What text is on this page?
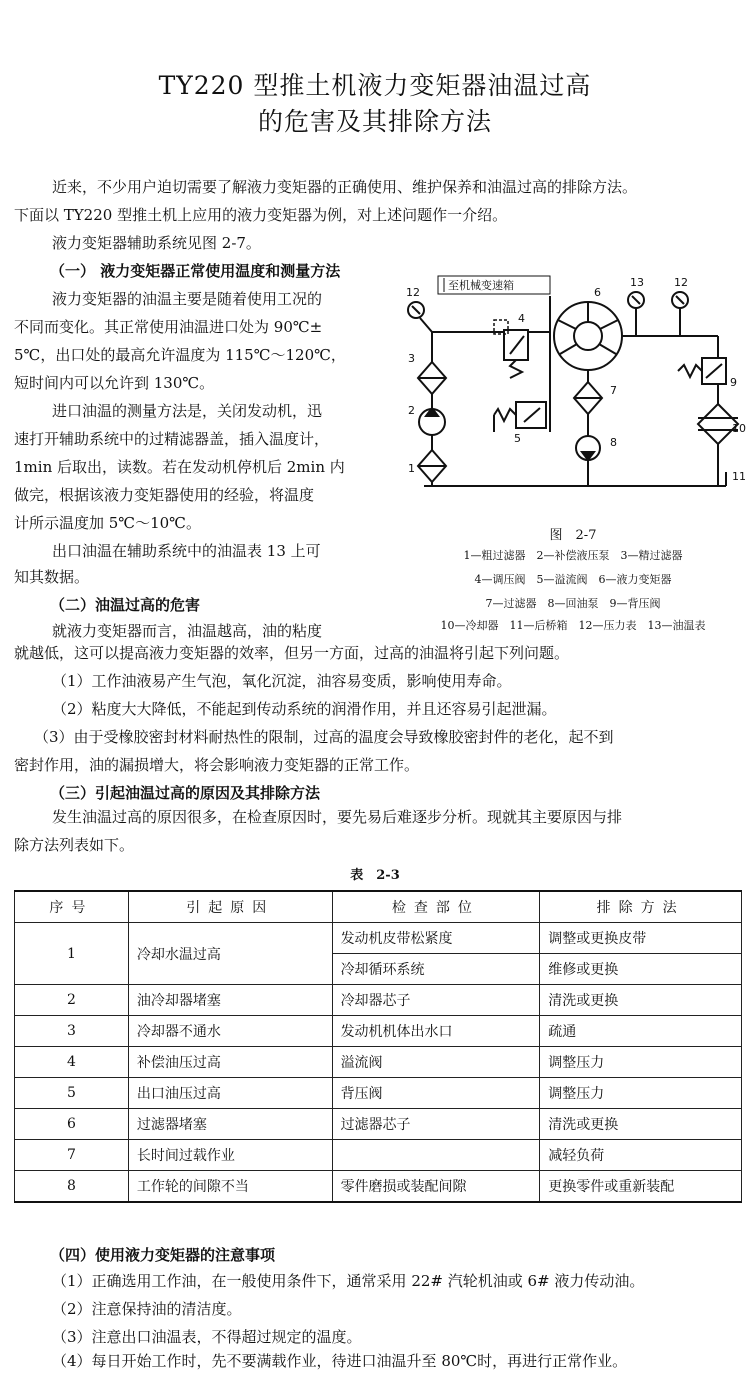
TY220 型推土机液力变矩器油温过高
的危害及其排除方法
近来，不少用户迫切需要了解液力变矩器的正确使用、维护保养和油温过高的排除方法。
下面以 TY220 型推土机上应用的液力变矩器为例，对上述问题作一介绍。
液力变矩器辅助系统见图 2-7。
（一） 液力变矩器正常使用温度和测量方法
液力变矩器的油温主要是随着使用工况的
不同而变化。其正常使用油温进口处为 90℃±
5℃，出口处的最高允许温度为 115℃～120℃，
短时间内可以允许到 130℃。
进口油温的测量方法是，关闭发动机，迅
速打开辅助系统中的过精滤器盖，插入温度计，
1min 后取出，读数。若在发动机停机后 2min 内
做完，根据该液力变矩器使用的经验，将温度
计所示温度加 5℃～10℃。
出口油温在辅助系统中的油温表 13 上可
知其数据。
至机械变速箱
12
3
2
1
4
5
6
7
8
13	12
9
10
11
图　2-7
1—粗过滤器　2—补偿液压泵　3—精过滤器
4—调压阀　5—溢流阀　6—液力变矩器
7—过滤器　8—回油泵　9—背压阀
10—冷却器　11—后桥箱　12—压力表　13—油温表
（二）油温过高的危害
就液力变矩器而言，油温越高，油的粘度
就越低，这可以提高液力变矩器的效率，但另一方面，过高的油温将引起下列问题。
（1）工作油液易产生气泡，氧化沉淀，油容易变质，影响使用寿命。
（2）粘度大大降低，不能起到传动系统的润滑作用，并且还容易引起泄漏。
（3）由于受橡胶密封材料耐热性的限制，过高的温度会导致橡胶密封件的老化，起不到
密封作用，油的漏损增大，将会影响液力变矩器的正常工作。
（三）引起油温过高的原因及其排除方法
发生油温过高的原因很多，在检查原因时，要先易后难逐步分析。现就其主要原因与排
除方法列表如下。
表　2-3
序号	引起原因	检查部位	排除方法
1	冷却水温过高	发动机皮带松紧度	调整或更换皮带
		冷却循环系统	维修或更换
2	油冷却器堵塞	冷却器芯子	清洗或更换
3	冷却器不通水	发动机机体出水口	疏通
4	补偿油压过高	溢流阀	调整压力
5	出口油压过高	背压阀	调整压力
6	过滤器堵塞	过滤器芯子	清洗或更换
7	长时间过载作业		减轻负荷
8	工作轮的间隙不当	零件磨损或装配间隙	更换零件或重新装配
（四）使用液力变矩器的注意事项
（1）正确选用工作油，在一般使用条件下，通常采用 22# 汽轮机油或 6# 液力传动油。
（2）注意保持油的清洁度。
（3）注意出口油温表，不得超过规定的温度。
（4）每日开始工作时，先不要满载作业，待进口油温升至 80℃时，再进行正常作业。
